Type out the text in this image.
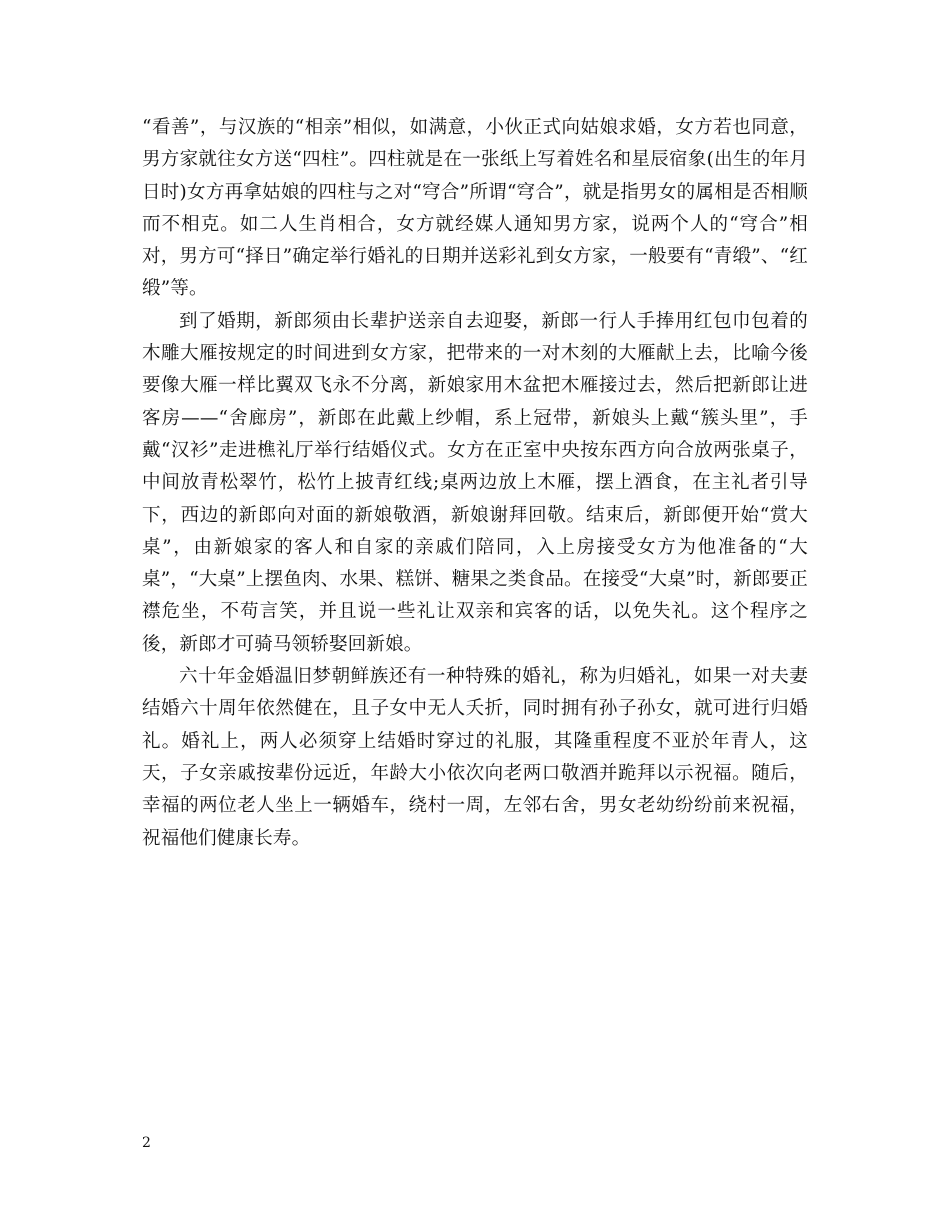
“看善”，与汉族的“相亲”相似，如满意，小伙正式向姑娘求婚，女方若也同意，男方家就往女方送“四柱”。四柱就是在一张纸上写着姓名和星辰宿象(出生的年月日时)女方再拿姑娘的四柱与之对“穹合”所谓“穹合”，就是指男女的属相是否相顺而不相克。如二人生肖相合，女方就经媒人通知男方家，说两个人的“穹合”相对，男方可“择日”确定举行婚礼的日期并送彩礼到女方家，一般要有“青缎”、“红缎”等。

到了婚期，新郎须由长辈护送亲自去迎娶，新郎一行人手捧用红包巾包着的木雕大雁按规定的时间进到女方家，把带来的一对木刻的大雁献上去，比喻今後要像大雁一样比翼双飞永不分离，新娘家用木盆把木雁接过去，然后把新郎让进客房——“舍廊房”，新郎在此戴上纱帽，系上冠带，新娘头上戴“簇头里”，手戴“汉衫”走进樵礼厅举行结婚仪式。女方在正室中央按东西方向合放两张桌子，中间放青松翠竹，松竹上披青红线;桌两边放上木雁，摆上酒食，在主礼者引导下，西边的新郎向对面的新娘敬酒，新娘谢拜回敬。结束后，新郎便开始“赏大桌”，由新娘家的客人和自家的亲戚们陪同，入上房接受女方为他准备的“大桌”，“大桌”上摆鱼肉、水果、糕饼、糖果之类食品。在接受“大桌”时，新郎要正襟危坐，不苟言笑，并且说一些礼让双亲和宾客的话，以免失礼。这个程序之後，新郎才可骑马领轿娶回新娘。

六十年金婚温旧梦朝鲜族还有一种特殊的婚礼，称为归婚礼，如果一对夫妻结婚六十周年依然健在，且子女中无人夭折，同时拥有孙子孙女，就可进行归婚礼。婚礼上，两人必须穿上结婚时穿过的礼服，其隆重程度不亚於年青人，这天，子女亲戚按辈份远近，年龄大小依次向老两口敬酒并跪拜以示祝福。随后，幸福的两位老人坐上一辆婚车，绕村一周，左邻右舍，男女老幼纷纷前来祝福，祝福他们健康长寿。

2
